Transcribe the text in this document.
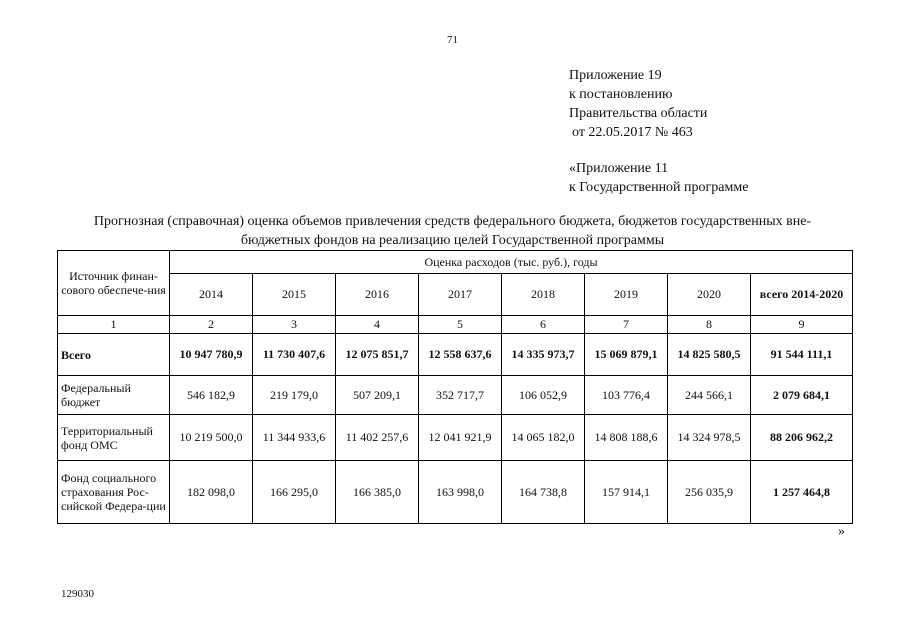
71
Приложение 19
к постановлению
Правительства области
от 22.05.2017 № 463
«Приложение 11
к Государственной программе
Прогнозная (справочная) оценка объемов привлечения средств федерального бюджета, бюджетов государственных вне-
бюджетных фондов на реализацию целей Государственной программы
Источник финан-сового обеспече-ния	Оценка расходов (тыс. руб.), годы							
	2014	2015	2016	2017	2018	2019	2020	всего 2014-2020
1	2	3	4	5	6	7	8	9
Всего	10 947 780,9	11 730 407,6	12 075 851,7	12 558 637,6	14 335 973,7	15 069 879,1	14 825 580,5	91 544 111,1
Федеральный бюджет	546 182,9	219 179,0	507 209,1	352 717,7	106 052,9	103 776,4	244 566,1	2 079 684,1
Территориальный фонд ОМС	10 219 500,0	11 344 933,6	11 402 257,6	12 041 921,9	14 065 182,0	14 808 188,6	14 324 978,5	88 206 962,2
Фонд социального страхования Рос-сийской Федера-ции	182 098,0	166 295,0	166 385,0	163 998,0	164 738,8	157 914,1	256 035,9	1 257 464,8
»
129030
